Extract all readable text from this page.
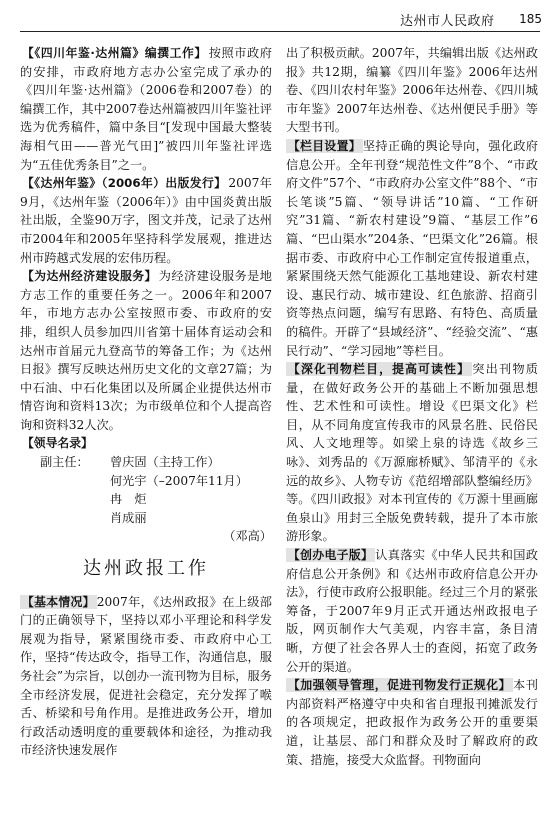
达州市人民政府 185

【《四川年鉴·达州篇》编撰工作】 按照市政府的安排，市政府地方志办公室完成了承办的《四川年鉴·达州篇》（2006卷和2007卷）的编撰工作，其中2007卷达州篇被四川年鉴社评选为优秀稿件，篇中条目“[发现中国最大整装海相气田——普光气田]”被四川年鉴社评选为“五佳优秀条目”之一。

【《达州年鉴》（2006年）出版发行】 2007年9月，《达州年鉴（2006年）》由中国炎黄出版社出版，全鉴90万字，图文并茂，记录了达州市2004年和2005年坚持科学发展观，推进达州市跨越式发展的宏伟历程。

【为达州经济建设服务】 为经济建设服务是地方志工作的重要任务之一。2006年和2007年，市地方志办公室按照市委、市政府的安排，组织人员参加四川省第十届体育运动会和达州市首届元九登高节的筹备工作；为《达州日报》撰写反映达州历史文化的文章27篇；为中石油、中石化集团以及所属企业提供达州市情咨询和资料13次；为市级单位和个人提高咨询和资料32人次。

【领导名录】

副主任：	曾庆固（主持工作）
何光宇（–2007年11月）
冉　炬
肖成丽

（邓高）

达州政报工作

【基本情况】 2007年，《达州政报》在上级部门的正确领导下，坚持以邓小平理论和科学发展观为指导，紧紧围绕市委、市政府中心工作，坚持“传达政令，指导工作，沟通信息，服务社会”为宗旨，以创办一流刊物为目标，服务全市经济发展，促进社会稳定，充分发挥了喉舌、桥梁和号角作用。是推进政务公开，增加行政活动透明度的重要载体和途径，为推动我市经济快速发展作

出了积极贡献。2007年，共编辑出版《达州政报》共12期，编纂《四川年鉴》2006年达州卷、《四川农村年鉴》2006年达州卷、《四川城市年鉴》2007年达州卷、《达州便民手册》等大型书刊。

【栏目设置】 坚持正确的舆论导向，强化政府信息公开。全年刊登“规范性文件”8个、“市政府文件”57个、“市政府办公室文件”88个、“市长笔谈”5篇、“领导讲话”10篇、“工作研究”31篇、“新农村建设”9篇、“基层工作”6篇、“巴山渠水”204条、“巴渠文化”26篇。根据市委、市政府中心工作制定宣传报道重点，紧紧围绕天然气能源化工基地建设、新农村建设、惠民行动、城市建设、红色旅游、招商引资等热点问题，编写有思路、有特色、高质量的稿件。开辟了“县域经济”、“经验交流”、“惠民行动”、“学习园地”等栏目。

【深化刊物栏目，提高可读性】 突出刊物质量，在做好政务公开的基础上不断加强思想性、艺术性和可读性。增设《巴渠文化》栏目，从不同角度宣传我市的风景名胜、民俗民风、人文地理等。如梁上泉的诗选《故乡三咏》、刘秀品的《万源廊桥赋》、邹清平的《永远的故乡》、人物专访《范绍增部队整编经历》等。《四川政报》对本刊宣传的《万源十里画廊鱼泉山》用封三全版免费转载，提升了本市旅游形象。

【创办电子版】 认真落实《中华人民共和国政府信息公开条例》和《达州市政府信息公开办法》，行使市政府公报职能。经过三个月的紧张筹备，于2007年9月正式开通达州政报电子版，网页制作大气美观，内容丰富，条目清晰，方便了社会各界人士的查阅，拓宽了政务公开的渠道。

【加强领导管理，促进刊物发行正规化】 本刊内部资料严格遵守中央和省自理报刊摊派发行的各项规定，把政报作为政务公开的重要渠道，让基层、部门和群众及时了解政府的政策、措施，接受大众监督。刊物面向
